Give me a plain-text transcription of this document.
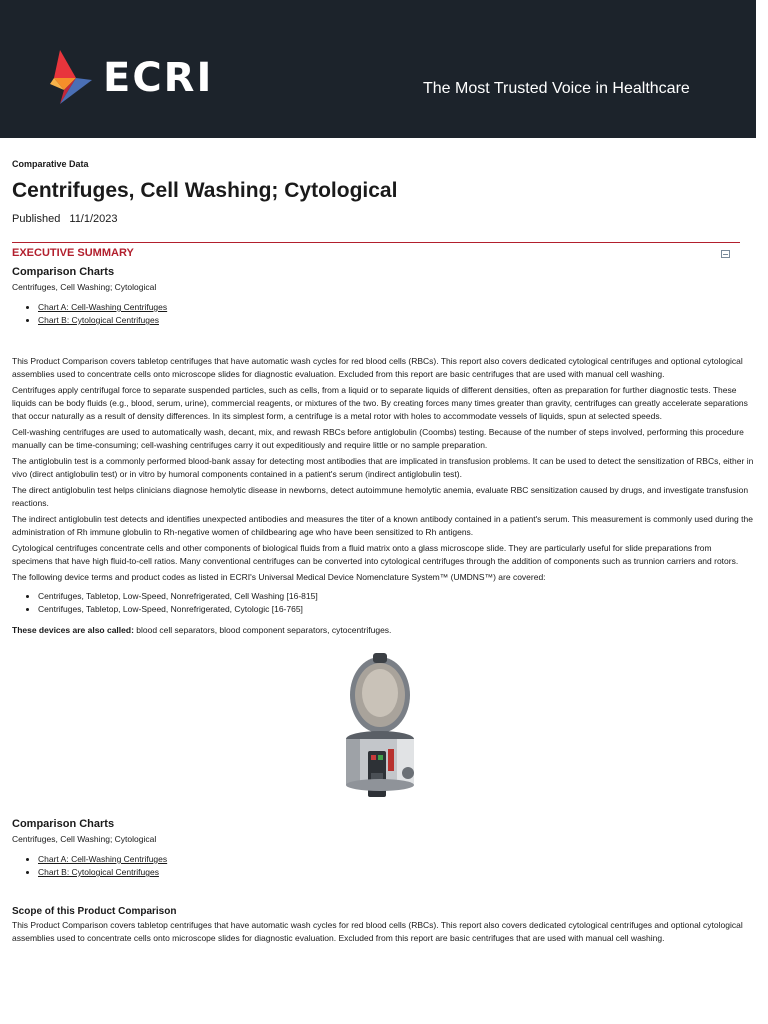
ECRI	The Most Trusted Voice in Healthcare
Comparative Data
Centrifuges, Cell Washing; Cytological
Published 11/1/2023
EXECUTIVE SUMMARY
Comparison Charts
Centrifuges, Cell Washing; Cytological
• Chart A: Cell-Washing Centrifuges
• Chart B: Cytological Centrifuges

This Product Comparison covers tabletop centrifuges that have automatic wash cycles for red blood cells (RBCs). This report also covers dedicated cytological centrifuges and optional cytological assemblies used to concentrate cells onto microscope slides for diagnostic evaluation. Excluded from this report are basic centrifuges that are used with manual cell washing.

Centrifuges apply centrifugal force to separate suspended particles, such as cells, from a liquid or to separate liquids of different densities, often as preparation for further diagnostic tests. These liquids can be body fluids (e.g., blood, serum, urine), commercial reagents, or mixtures of the two. By creating forces many times greater than gravity, centrifuges can greatly accelerate separations that occur naturally as a result of density differences. In its simplest form, a centrifuge is a metal rotor with holes to accommodate vessels of liquids, spun at selected speeds.

Cell-washing centrifuges are used to automatically wash, decant, mix, and rewash RBCs before antiglobulin (Coombs) testing. Because of the number of steps involved, performing this procedure manually can be time-consuming; cell-washing centrifuges carry it out expeditiously and require little or no sample preparation.

The antiglobulin test is a commonly performed blood-bank assay for detecting most antibodies that are implicated in transfusion problems. It can be used to detect the sensitization of RBCs, either in vivo (direct antiglobulin test) or in vitro by humoral components contained in a patient's serum (indirect antiglobulin test).

The direct antiglobulin test helps clinicians diagnose hemolytic disease in newborns, detect autoimmune hemolytic anemia, evaluate RBC sensitization caused by drugs, and investigate transfusion reactions.

The indirect antiglobulin test detects and identifies unexpected antibodies and measures the titer of a known antibody contained in a patient's serum. This measurement is commonly used during the administration of Rh immune globulin to Rh-negative women of childbearing age who have been sensitized to Rh antigens.

Cytological centrifuges concentrate cells and other components of biological fluids from a fluid matrix onto a glass microscope slide. They are particularly useful for slide preparations from specimens that have high fluid-to-cell ratios. Many conventional centrifuges can be converted into cytological centrifuges through the addition of components such as trunnion carriers and rotors.

The following device terms and product codes as listed in ECRI's Universal Medical Device Nomenclature System™ (UMDNS™) are covered:

• Centrifuges, Tabletop, Low-Speed, Nonrefrigerated, Cell Washing [16-815]
• Centrifuges, Tabletop, Low-Speed, Nonrefrigerated, Cytologic [16-765]
These devices are also called: blood cell separators, blood component separators, cytocentrifuges.
Comparison Charts
Centrifuges, Cell Washing; Cytological
• Chart A: Cell-Washing Centrifuges
• Chart B: Cytological Centrifuges
Scope of this Product Comparison

This Product Comparison covers tabletop centrifuges that have automatic wash cycles for red blood cells (RBCs). This report also covers dedicated cytological centrifuges and optional cytological assemblies used to concentrate cells onto microscope slides for diagnostic evaluation. Excluded from this report are basic centrifuges that are used with manual cell washing.
